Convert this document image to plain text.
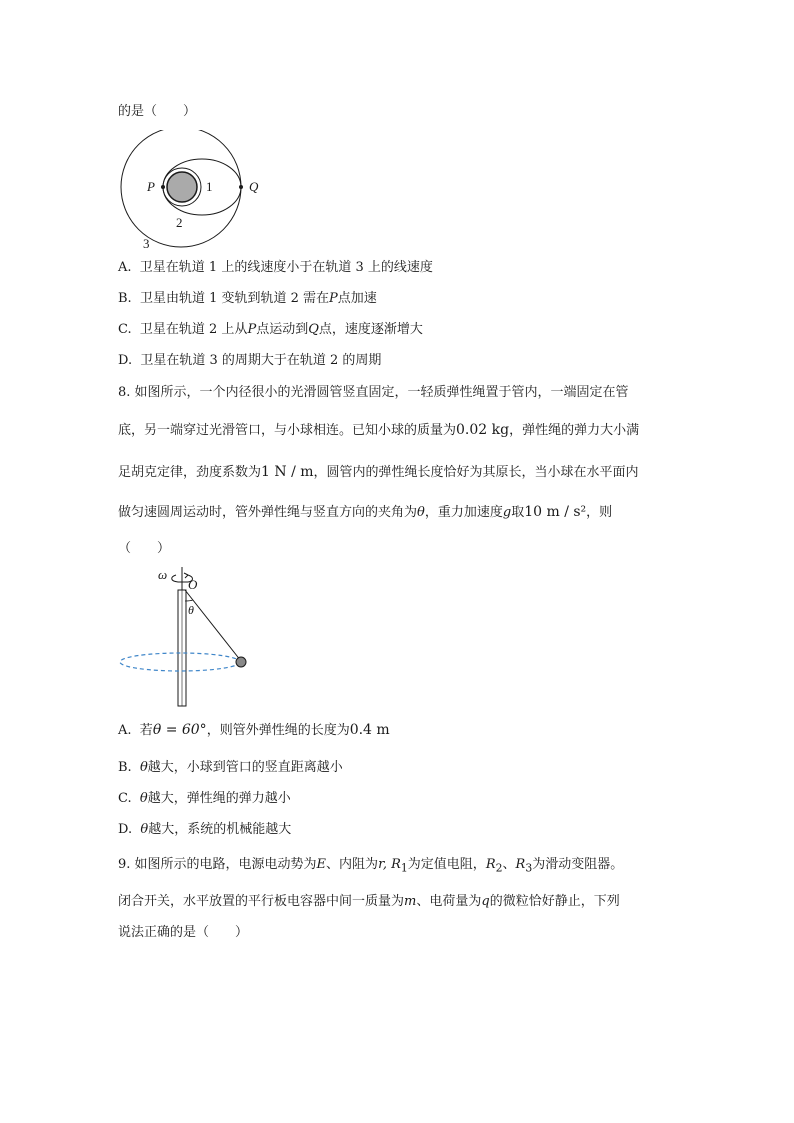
的是（　　）
P	Q
1
2
3
A. 卫星在轨道 1 上的线速度小于在轨道 3 上的线速度
B. 卫星由轨道 1 变轨到轨道 2 需在P点加速
C. 卫星在轨道 2 上从P点运动到Q点，速度逐渐增大
D. 卫星在轨道 3 的周期大于在轨道 2 的周期
8. 如图所示，一个内径很小的光滑圆管竖直固定，一轻质弹性绳置于管内，一端固定在管
底，另一端穿过光滑管口，与小球相连。已知小球的质量为0.02 kg，弹性绳的弹力大小满
足胡克定律，劲度系数为1 N / m，圆管内的弹性绳长度恰好为其原长，当小球在水平面内
做匀速圆周运动时，管外弹性绳与竖直方向的夹角为θ，重力加速度g取10 m / s²，则
（　　）
ω
O
θ
A. 若θ = 60°，则管外弹性绳的长度为0.4 m
B. θ越大，小球到管口的竖直距离越小
C. θ越大，弹性绳的弹力越小
D. θ越大，系统的机械能越大
9. 如图所示的电路，电源电动势为E、内阻为r, $R_1$为定值电阻，$R_2$、$R_3$为滑动变阻器。
闭合开关，水平放置的平行板电容器中间一质量为m、电荷量为q的微粒恰好静止，下列
说法正确的是（　　）
